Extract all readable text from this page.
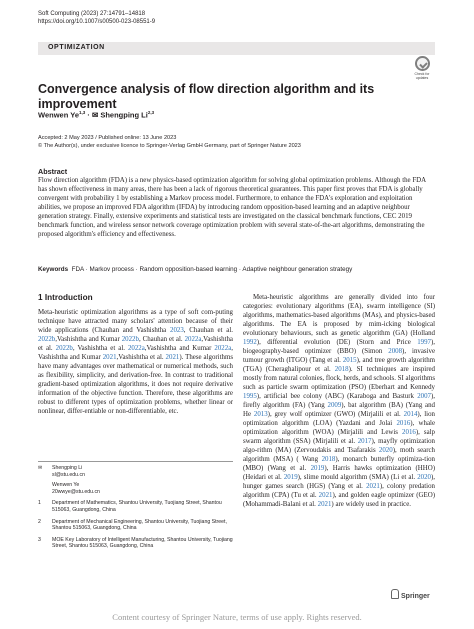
Soft Computing (2023) 27:14791–14818
https://doi.org/10.1007/s00500-023-08551-9
OPTIMIZATION
Check for updates
Convergence analysis of flow direction algorithm and its improvement
Wenwen Ye$^{1,3}$ · ✉ Shengping Li$^{2,3}$
Accepted: 2 May 2023 / Published online: 13 June 2023
© The Author(s), under exclusive licence to Springer-Verlag GmbH Germany, part of Springer Nature 2023
Abstract
Flow direction algorithm (FDA) is a new physics-based optimization algorithm for solving global optimization problems. Although the FDA has shown effectiveness in many areas, there has been a lack of rigorous theoretical guarantees. This paper first proves that FDA is globally convergent with probability 1 by establishing a Markov process model. Furthermore, to enhance the FDA's exploration and exploitation abilities, we propose an improved FDA algorithm (IFDA) by introducing random opposition-based learning and an adaptive neighbour generation strategy. Finally, extensive experiments and statistical tests are investigated on the classical benchmark functions, CEC 2019 benchmark function, and wireless sensor network coverage optimization problem with several state-of-the-art algorithms, demonstrating the proposed algorithm's efficiency and effectiveness.
Keywords FDA · Markov process · Random opposition-based learning · Adaptive neighbour generation strategy
1 Introduction

Meta-heuristic optimization algorithms as a type of soft com-puting technique have attracted many scholars' attention because of their wide applications (Chauhan and Vashishtha 2023, Chauhan et al. 2022b,Vashishtha and Kumar 2022b, Chauhan et al. 2022a,Vashishtha et al. 2022b, Vashishtha et al. 2022a,Vashishtha and Kumar 2022a, Vashishtha and Kumar 2021,Vashishtha et al. 2021). These algorithms have many advantages over mathematical or numerical methods, such as flexibility, simplicity, and derivation-free. In contrast to traditional gradient-based optimization algorithms, it does not require derivative information of the objective function. Therefore, these algorithms are robust to different types of optimization problems, whether linear or nonlinear, differ-entiable or non-differentiable, etc.

✉	Shengping Li
sl@stu.edu.cn
Wenwen Ye
20wwye@stu.edu.cn
1	Department of Mathematics, Shantou University, Tuojiang Street, Shantou 515063, Guangdong, China
2	Department of Mechanical Engineering, Shantou University, Tuojiang Street, Shantou 515063, Guangdong, China
3	MOE Key Laboratory of Intelligent Manufacturing, Shantou University, Tuojiang Street, Shantou 515063, Guangdong, China

Meta-heuristic algorithms are generally divided into four categories: evolutionary algorithms (EA), swarm intelligence (SI) algorithms, mathematics-based algorithms (MAs), and physics-based algorithms. The EA is proposed by mim-icking biological evolutionary behaviours, such as genetic algorithm (GA) (Holland 1992), differential evolution (DE) (Storn and Price 1997), biogeography-based optimizer (BBO) (Simon 2008), invasive tumour growth (ITGO) (Tang et al. 2015), and tree growth algorithm (TGA) (Cheraghalipour et al. 2018). SI techniques are inspired mostly from natural colonies, flock, herds, and schools. SI algorithms such as particle swarm optimization (PSO) (Eberhart and Kennedy 1995), artificial bee colony (ABC) (Karaboga and Basturk 2007), firefly algorithm (FA) (Yang 2009), bat algorithm (BA) (Yang and He 2013), grey wolf optimizer (GWO) (Mirjalili et al. 2014), lion optimization algorithm (LOA) (Yazdani and Jolai 2016), whale optimization algorithm (WOA) (Mirjalili and Lewis 2016), salp swarm algorithm (SSA) (Mirjalili et al. 2017), mayfly optimization algo-rithm (MA) (Zervoudakis and Tsafarakis 2020), moth search algorithm (MSA) ( Wang 2018), monarch butterfly optimiza-tion (MBO) (Wang et al. 2019), Harris hawks optimization (HHO) (Heidari et al. 2019), slime mould algorithm (SMA) (Li et al. 2020), hunger games search (HGS) (Yang et al. 2021), colony predation algorithm (CPA) (Tu et al. 2021), and golden eagle optimizer (GEO) (Mohammadi-Balani et al. 2021) are widely used in practice.

Springer
Content courtesy of Springer Nature, terms of use apply. Rights reserved.
